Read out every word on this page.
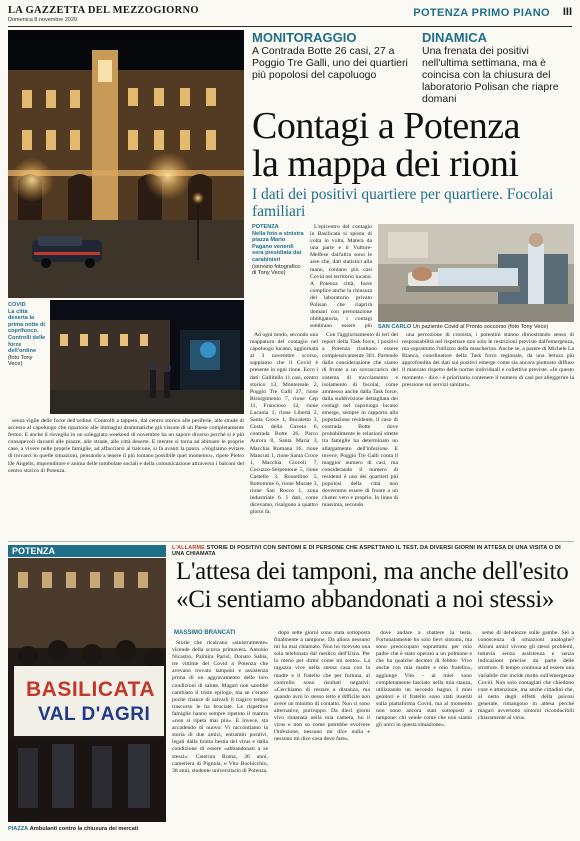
LA GAZZETTA DEL MEZZOGIORNO
Domenica 8 novembre 2020
POTENZA PRIMO PIANO III
MONITORAGGIO
A Contrada Botte 26 casi, 27 a Poggio Tre Galli, uno dei quartieri più popolosi del capoluogo
DINAMICA
Una frenata dei positivi nell'ultima settimana, ma è coincisa con la chiusura del laboratorio Polisan che riapre domani
Contagi a Potenza
la mappa dei rioni
I dati dei positivi quartiere per quartiere. Focolai familiari
POTENZA
Nella foto a sinistra piazza Mario Pagano venerdì sera presidiata dai carabinieri
(servizio fotografico di Tony Vece)

L'epicentro del contagio in Basilicata si sposta di volta in volta, Matera da una parte e il Vulture-Melfese dall'altra sono le aree che, dati statistici alla mano, contano più casi Covid nel territorio lucano. A Potenza città, forse complice anche la chiusura del laboratorio privato Polisan che riaprirà domani con prenotazione obbligatoria, i contagi sembrano essere più SAN CARLO Un paziente Covid al Pronto soccorso (foto Tony Vece)
COVID
La città deserta la prima notte di coprifuoco. Controlli delle forze dell'ordine
(foto Tony Vece)

Ad ogni modo, secondo una mappatura del contagio nel capoluogo lucano, aggiornata al 3 novembre scorso, sappiamo che il Covid è presente in ogni rione. Ecco i dati: Gallitello 11 casi, centro storico 13, Montereale 2, Poggio Tre Galli 27, rione Risorgimento 7, rione Cep 11, Francioso 12, rione Lucania 1, rione Libertà 2, Santa Croce 1, Bucaletto 3, Costa della Gaveta 6, contrada Botte 26, Parco Aurora 8, Santa Maria 3, Macchia Romana 16, rione Mancusi 1, rione Santa Croce 1, Macchia Giocoli 7, Cocuzzo-Serpentone 5, rione Castello 3, Rossellino 5, Bottomme 6, rione Murate 3, rione San Rocco 1, zona industriale 6. I dati, come dicevamo, risalgono a quattro giorni fa.

Con l'aggiornamento di ieri del report della Task force, i positivi a Potenza risultano essere complessivamente 361. Partendo dalla considerazione che siamo di fronte a un sovraccarico del sistema di tracciamento e isolamento di focolai, come ammesso anche dalla Task force, dalla suddivisione dettagliata dei contagi nel capoluogo lucano emerge, sempre in rapporto alla popolazione residente, il caso di contrada Botte dove probabilmente le relazioni strette tra famiglie ha determinato un allargamento dell'infezione. E invece, Poggio Tre Galli conta il maggior numero di casi, ma considerando il numero di residenti è uno dei quartieri più popolosi della città non dovremmo essere di fronte a un cluster vero e proprio. In linea di massima, secondo

una percezione di cronista, i potentini stanno dimostrando senso di responsabilità nel rispettare non solo le restrizioni previste dall'emergenza, ma soprattutto l'utilizzo della mascherina. Anche se, a parere di Michele La Bianca, coordinatore della Task force regionale, da una lettura più approfondita dei dati sui positivi emerge come sia ancora piuttosto diffuso il mancato rispetto delle norme individuali e collettive previste. «In questo momento - dice - è prioritario contenere il numero di casi per alleggerire la pressione sui servizi sanitari».

senza vigile delle forze dell'ordine. Controlli a tappeto, dal centro storico alle periferie, alle strade di accesso al capoluogo che ripartono alle immagini drammatiche già vissute di un Paese completamente fermo. E anche il risveglio in un soleggiato weekend di novembre ha un sapore diverso perché si è più consapevoli davanti alle piazze, alle strade, alle città deserte. E mentre si torna ad abituare le proprie case, a vivere nelle proprie famiglie, ad affacciarsi al balcone, si fa avanti la paura. «Vogliamo evitare di trovarci in quelle situazioni, pensando a tenere il più lontano possibile quel momento», ripete Pietro De Angelis, imprenditore e anima delle tombolate sociali e della comunicazione attraverso i balconi del centro storico di Potenza.

POTENZA
BASILICATA
VAL D'AGRI
PIAZZA Ambulanti contro la chiusura dei mercati
L'ALLARME STORIE DI POSITIVI CON SINTOMI E DI PERSONE CHE ASPETTANO IL TEST. DA DIVERSI GIORNI IN ATTESA DI UNA VISITA O DI UNA CHIAMATA
L'attesa dei tamponi, ma anche dell'esito
«Ci sentiamo abbandonati a noi stessi»
MASSIMO BRANCATI

Storie che ricalcano «sinistramente» vicende della scorsa primavera. Antonio Nicastro, Palmira Parisi, Donato Sabia, tre vittime del Covid a Potenza che avevano trovato tamponi e assistenza prima di un aggravamento delle loro condizioni di salute. Magari non sarebbe cambiato il triste epilogo, ma se c'erano poche chance di salvarli il tragico tempo trascorso le ha bruciate. Le rispettive famiglie hanno sempre ripetuto il mantra «non si ripeta mai più». E invece, sta accadendo di nuovo. Vi raccontiamo la storia di due amici, entrambi positivi, legati dalla brutta bestia del virus e dalla condizione di essere «abbandonati a se stessi»: Caterina Roma, 36 anni, cameriera di Pignola, e Vito Bochicchio, 38 anni, studente universitario di Potenza.

dopo sette giorni sono stata sottoposta finalmente a tampone. Da allora nessuno mi ha mai chiamato. Non ho ricevuto una sola telefonata dal medico dell'Usca. Per lo meno per dirmi come mi sento». La ragazza vive nella stessa casa con la madre e il fratello che per fortuna, al controllo sono risultati negativi: «Cerchiamo di restare a distanza, ma quando avrò lo stesso tetto è difficile non avere un minimo di contatto. Non ci sono alternative, purtroppo. Da dieci giorni vivo rintanata nella mia camera, ho il virus e non so come potrebbe evolvere l'infezione, nessuno mi dice nulla e nessuno mi dice cosa devo fare».

dove andare a sbattere la testa. Fortunatamente ho solo lievi sintomi, ma sono preoccupato soprattutto per mio padre che è stato operato a un polmone e che ha qualche decimo di febbre. Vivo anche con mia madre e mio fratello», aggiunge Vito - ai miei sono completamente lasciato nella mia stanza, utilizzando un secondo bagno. I miei genitori e il fratello sono stati inseriti sulla piattaforma Covid, ma al momento non sono ancora stati sottoposti a tampone: chi vende come che non siamo gli unici in questa situazione».

seme di debolezze sulle gambe. Sei a conoscenza di situazioni analoghe? Alcuni amici vivono gli stessi problemi, tuttavia senza assistenza e senza indicazioni precise da parte delle strutture. Il tempo continua ad essere una variabile che incide molto sull'emergenza Covid. Non solo contagiati che chiedono cure e attenzione, ma anche cittadini che, al netto degli effetti della psicosi generale, rimangono in attesa perché magari avvertono sintomi riconducibili chiaramente al virus.
